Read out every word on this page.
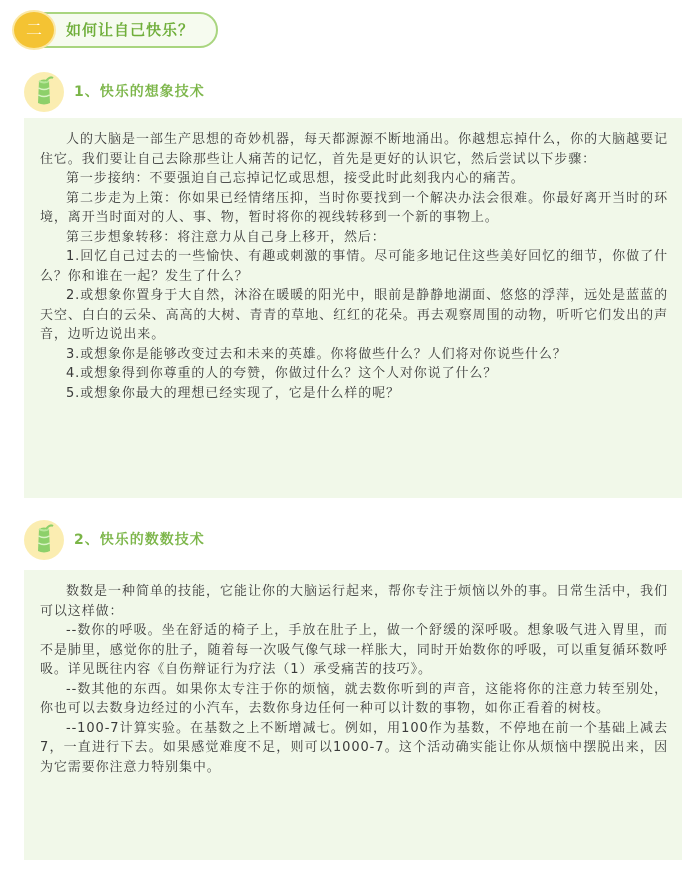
二	如何让自己快乐？
1、快乐的想象技术

人的大脑是一部生产思想的奇妙机器，每天都源源不断地涌出。你越想忘掉什么，你的大脑越要记住它。我们要让自己去除那些让人痛苦的记忆，首先是更好的认识它，然后尝试以下步骤：

第一步接纳：不要强迫自己忘掉记忆或思想，接受此时此刻我内心的痛苦。

第二步走为上策：你如果已经情绪压抑，当时你要找到一个解决办法会很难。你最好离开当时的环境，离开当时面对的人、事、物，暂时将你的视线转移到一个新的事物上。

第三步想象转移：将注意力从自己身上移开，然后：

1.回忆自己过去的一些愉快、有趣或刺激的事情。尽可能多地记住这些美好回忆的细节，你做了什么？你和谁在一起？发生了什么？

2.或想象你置身于大自然，沐浴在暖暖的阳光中，眼前是静静地湖面、悠悠的浮萍，远处是蓝蓝的天空、白白的云朵、高高的大树、青青的草地、红红的花朵。再去观察周围的动物，听听它们发出的声音，边听边说出来。

3.或想象你是能够改变过去和未来的英雄。你将做些什么？人们将对你说些什么？

4.或想象得到你尊重的人的夸赞，你做过什么？这个人对你说了什么？

5.或想象你最大的理想已经实现了，它是什么样的呢？

2、快乐的数数技术

数数是一种简单的技能，它能让你的大脑运行起来，帮你专注于烦恼以外的事。日常生活中，我们可以这样做：

--数你的呼吸。坐在舒适的椅子上，手放在肚子上，做一个舒缓的深呼吸。想象吸气进入胃里，而不是肺里，感觉你的肚子，随着每一次吸气像气球一样胀大，同时开始数你的呼吸，可以重复循环数呼吸。详见既往内容《自伤辩证行为疗法（1）承受痛苦的技巧》。

--数其他的东西。如果你太专注于你的烦恼，就去数你听到的声音，这能将你的注意力转至别处，你也可以去数身边经过的小汽车，去数你身边任何一种可以计数的事物，如你正看着的树枝。

--100-7计算实验。在基数之上不断增减七。例如，用100作为基数，不停地在前一个基础上减去7，一直进行下去。如果感觉难度不足，则可以1000-7。这个活动确实能让你从烦恼中摆脱出来，因为它需要你注意力特别集中。
